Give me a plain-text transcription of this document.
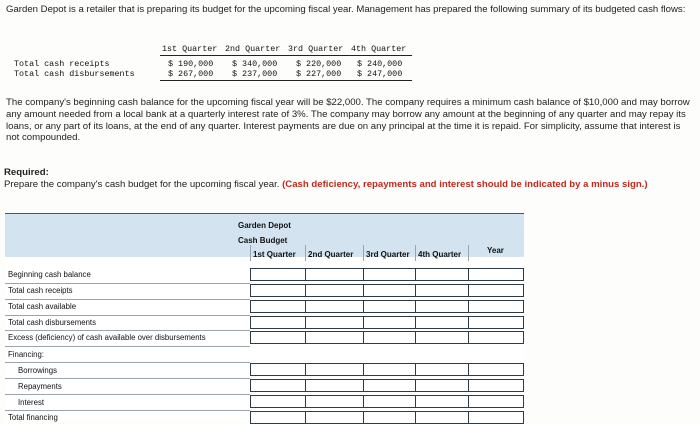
Garden Depot is a retailer that is preparing its budget for the upcoming fiscal year. Management has prepared the following summary of its budgeted cash flows:
1st Quarter 2nd Quarter 3rd Quarter 4th Quarter
Total cash receipts	$ 190,000 $ 340,000 $ 220,000 $ 240,000
Total cash disbursements	$ 267,000 $ 237,000 $ 227,000 $ 247,000
The company's beginning cash balance for the upcoming fiscal year will be $22,000. The company requires a minimum cash balance of $10,000 and may borrow any amount needed from a local bank at a quarterly interest rate of 3%. The company may borrow any amount at the beginning of any quarter and may repay its loans, or any part of its loans, at the end of any quarter. Interest payments are due on any principal at the time it is repaid. For simplicity, assume that interest is not compounded.
Required:
Prepare the company's cash budget for the upcoming fiscal year. (Cash deficiency, repayments and interest should be indicated by a minus sign.)
Garden Depot
Cash Budget
1st Quarter 2nd Quarter 3rd Quarter 4th Quarter	Year
Beginning cash balance
Total cash receipts
Total cash available
Total cash disbursements
Excess (deficiency) of cash available over disbursements
Financing:
Borrowings
Repayments
Interest
Total financing
